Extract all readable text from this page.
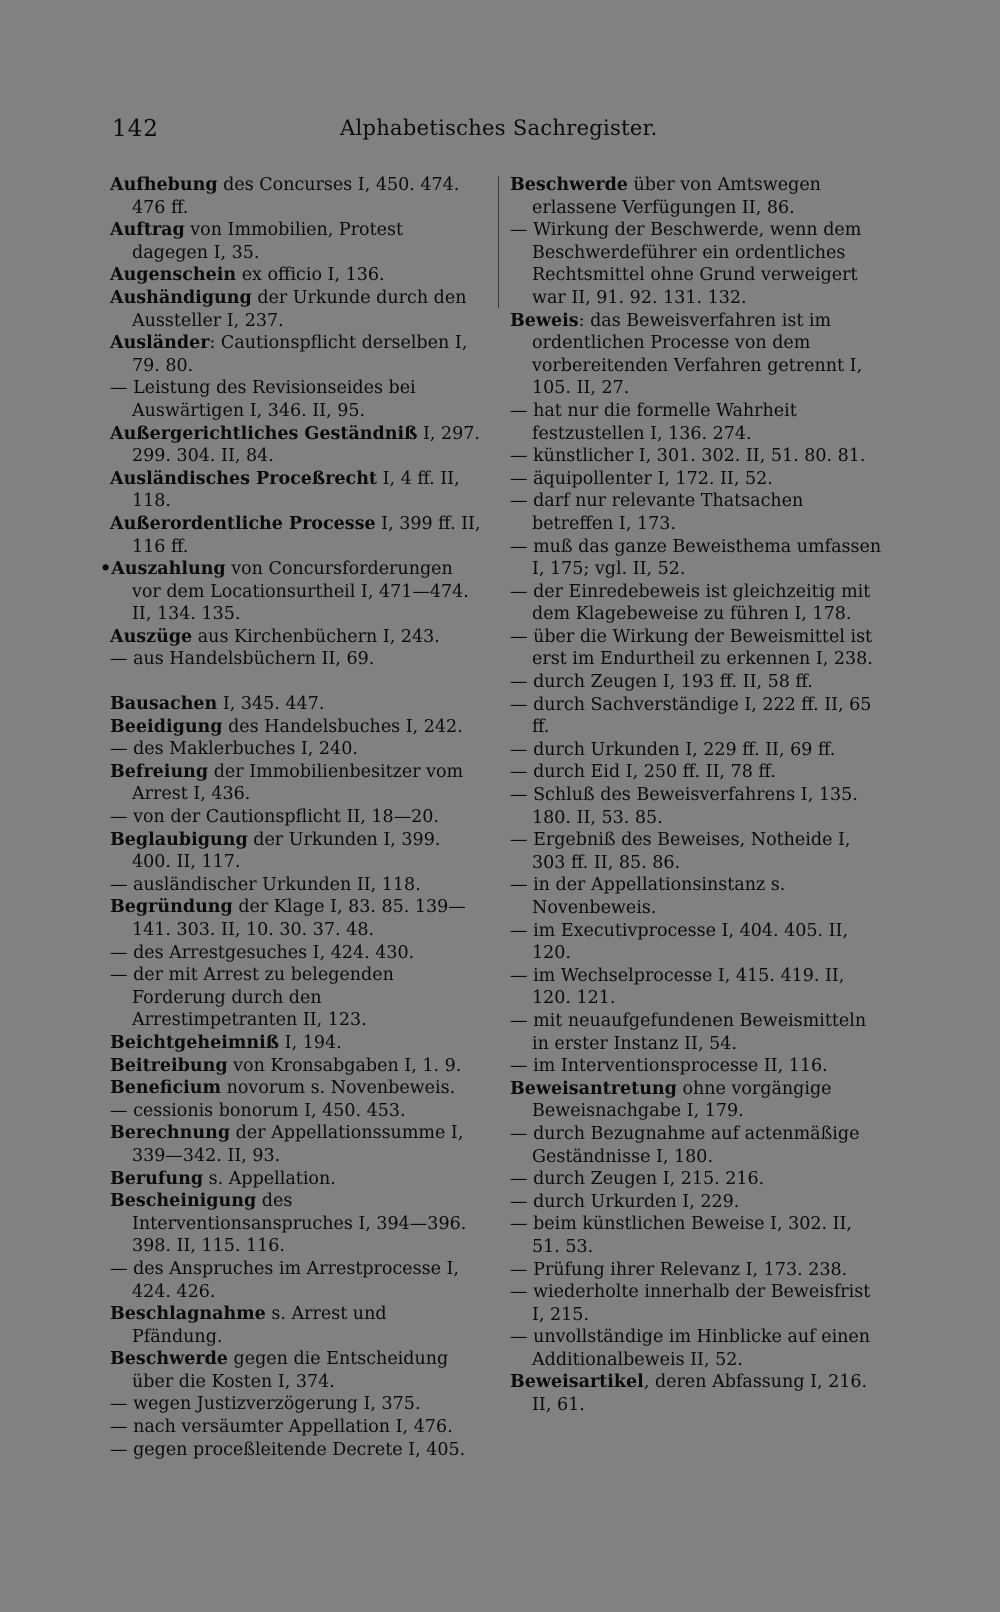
142	Alphabetisches Sachregister.

Aufhebung des Concurses I, 450. 474. 476 ff.

Auftrag von Immobilien, Protest dagegen I, 35.

Augenschein ex officio I, 136.

Aushändigung der Urkunde durch den Aussteller I, 237.

Ausländer: Cautionspflicht derselben I, 79. 80.

— Leistung des Revisionseides bei Auswärtigen I, 346. II, 95.

Außergerichtliches Geständniß I, 297. 299. 304. II, 84.

Ausländisches Proceßrecht I, 4 ff. II, 118.

Außerordentliche Processe I, 399 ff. II, 116 ff.

•Auszahlung von Concursforderungen vor dem Locationsurtheil I, 471—474. II, 134. 135.

Auszüge aus Kirchenbüchern I, 243.

— aus Handelsbüchern II, 69.

Bausachen I, 345. 447.

Beeidigung des Handelsbuches I, 242.

— des Maklerbuches I, 240.

Befreiung der Immobilienbesitzer vom Arrest I, 436.

— von der Cautionspflicht II, 18—20.

Beglaubigung der Urkunden I, 399. 400. II, 117.

— ausländischer Urkunden II, 118.

Begründung der Klage I, 83. 85. 139—141. 303. II, 10. 30. 37. 48.

— des Arrestgesuches I, 424. 430.

— der mit Arrest zu belegenden Forderung durch den Arrestimpetranten II, 123.

Beichtgeheimniß I, 194.

Beitreibung von Kronsabgaben I, 1. 9.

Beneficium novorum s. Novenbeweis.

— cessionis bonorum I, 450. 453.

Berechnung der Appellationssumme I, 339—342. II, 93.

Berufung s. Appellation.

Bescheinigung des Interventionsanspruches I, 394—396. 398. II, 115. 116.

— des Anspruches im Arrestprocesse I, 424. 426.

Beschlagnahme s. Arrest und Pfändung.

Beschwerde gegen die Entscheidung über die Kosten I, 374.

— wegen Justizverzögerung I, 375.

— nach versäumter Appellation I, 476.

— gegen proceßleitende Decrete I, 405.

Beschwerde über von Amtswegen erlassene Verfügungen II, 86.

— Wirkung der Beschwerde, wenn dem Beschwerdeführer ein ordentliches Rechtsmittel ohne Grund verweigert war II, 91. 92. 131. 132.

Beweis: das Beweisverfahren ist im ordentlichen Processe von dem vorbereitenden Verfahren getrennt I, 105. II, 27.

— hat nur die formelle Wahrheit festzustellen I, 136. 274.

— künstlicher I, 301. 302. II, 51. 80. 81.

— äquipollenter I, 172. II, 52.

— darf nur relevante Thatsachen betreffen I, 173.

— muß das ganze Beweisthema umfassen I, 175; vgl. II, 52.

— der Einredebeweis ist gleichzeitig mit dem Klagebeweise zu führen I, 178.

— über die Wirkung der Beweismittel ist erst im Endurtheil zu erkennen I, 238.

— durch Zeugen I, 193 ff. II, 58 ff.

— durch Sachverständige I, 222 ff. II, 65 ff.

— durch Urkunden I, 229 ff. II, 69 ff.

— durch Eid I, 250 ff. II, 78 ff.

— Schluß des Beweisverfahrens I, 135. 180. II, 53. 85.

— Ergebniß des Beweises, Notheide I, 303 ff. II, 85. 86.

— in der Appellationsinstanz s. Novenbeweis.

— im Executivprocesse I, 404. 405. II, 120.

— im Wechselprocesse I, 415. 419. II, 120. 121.

— mit neuaufgefundenen Beweismitteln in erster Instanz II, 54.

— im Interventionsprocesse II, 116.

Beweisantretung ohne vorgängige Beweisnachgabe I, 179.

— durch Bezugnahme auf actenmäßige Geständnisse I, 180.

— durch Zeugen I, 215. 216.

— durch Urkurden I, 229.

— beim künstlichen Beweise I, 302. II, 51. 53.

— Prüfung ihrer Relevanz I, 173. 238.

— wiederholte innerhalb der Beweisfrist I, 215.

— unvollständige im Hinblicke auf einen Additionalbeweis II, 52.

Beweisartikel, deren Abfassung I, 216. II, 61.
